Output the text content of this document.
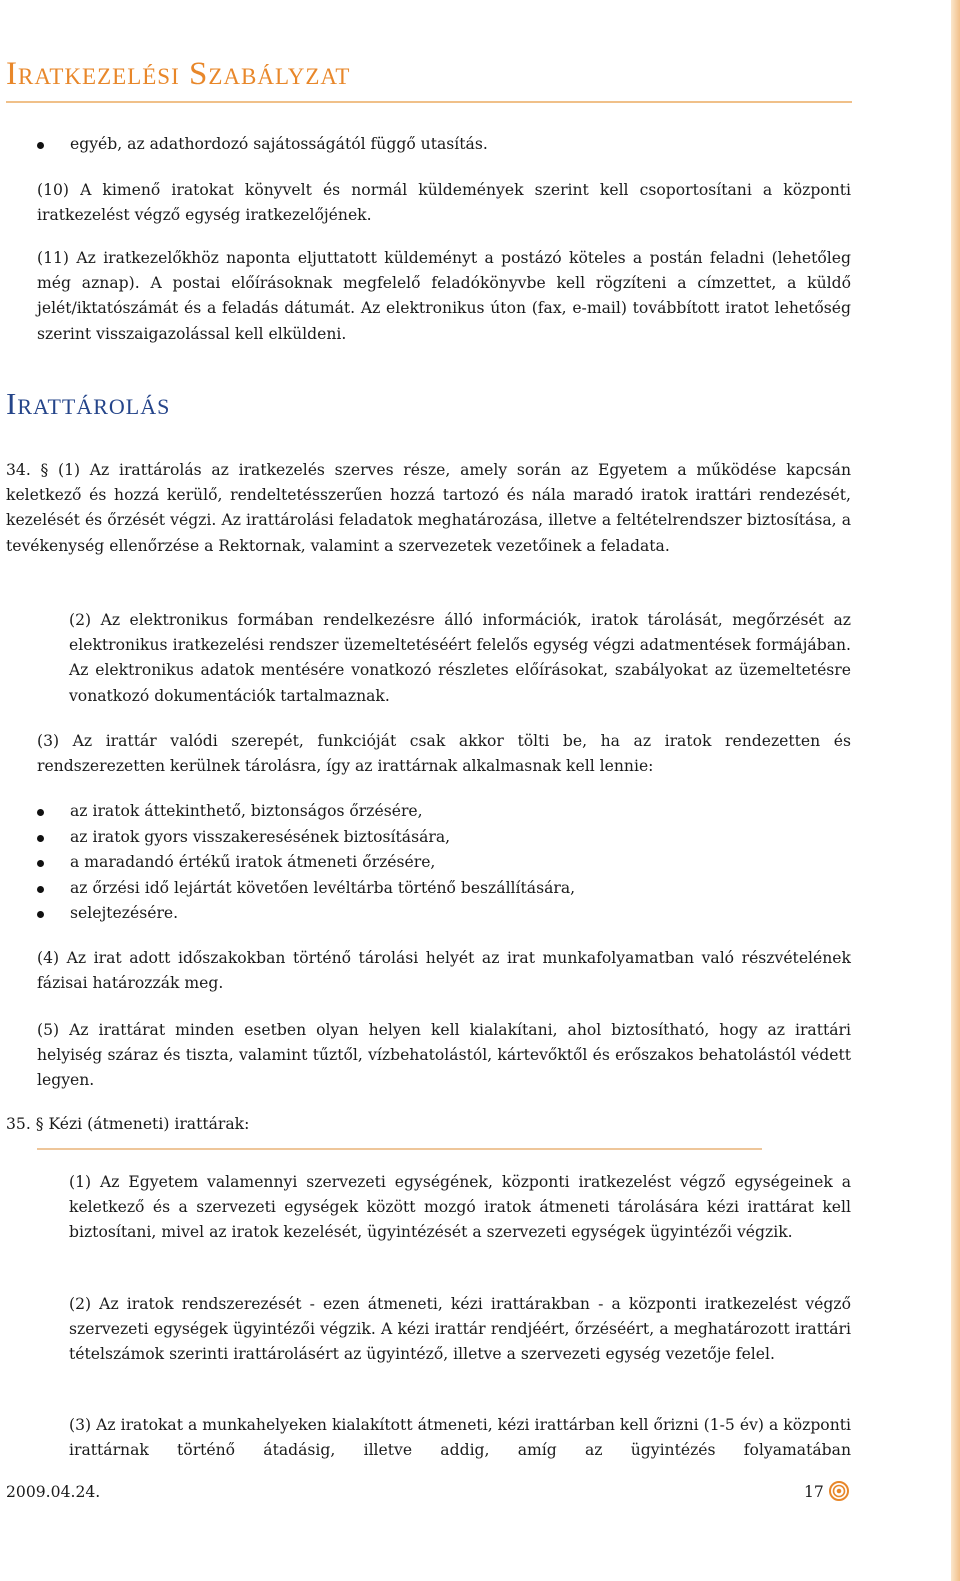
Iratkezelési Szabályzat
egyéb, az adathordozó sajátosságától függő utasítás.

(10) A kimenő iratokat könyvelt és normál küldemények szerint kell csoportosítani a központi iratkezelést végző egység iratkezelőjének.

(11) Az iratkezelőkhöz naponta eljuttatott küldeményt a postázó köteles a postán feladni (lehetőleg még aznap). A postai előírásoknak megfelelő feladókönyvbe kell rögzíteni a címzettet, a küldő jelét/iktatószámát és a feladás dátumát. Az elektronikus úton (fax, e-mail) továbbított iratot lehetőség szerint visszaigazolással kell elküldeni.

Irattárolás

34. § (1) Az irattárolás az iratkezelés szerves része, amely során az Egyetem a működése kapcsán keletkező és hozzá kerülő, rendeltetésszerűen hozzá tartozó és nála maradó iratok irattári rendezését, kezelését és őrzését végzi. Az irattárolási feladatok meghatározása, illetve a feltételrendszer biztosítása, a tevékenység ellenőrzése a Rektornak, valamint a szervezetek vezetőinek a feladata.

(2) Az elektronikus formában rendelkezésre álló információk, iratok tárolását, megőrzését az elektronikus iratkezelési rendszer üzemeltetéséért felelős egység végzi adatmentések formájában. Az elektronikus adatok mentésére vonatkozó részletes előírásokat, szabályokat az üzemeltetésre vonatkozó dokumentációk tartalmaznak.

(3) Az irattár valódi szerepét, funkcióját csak akkor tölti be, ha az iratok rendezetten és rendszerezetten kerülnek tárolásra, így az irattárnak alkalmasnak kell lennie:

az iratok áttekinthető, biztonságos őrzésére,
az iratok gyors visszakeresésének biztosítására,
a maradandó értékű iratok átmeneti őrzésére,
az őrzési idő lejártát követően levéltárba történő beszállítására,
selejtezésére.

(4) Az irat adott időszakokban történő tárolási helyét az irat munkafolyamatban való részvételének fázisai határozzák meg.

(5) Az irattárat minden esetben olyan helyen kell kialakítani, ahol biztosítható, hogy az irattári helyiség száraz és tiszta, valamint tűztől, vízbehatolástól, kártevőktől és erőszakos behatolástól védett legyen.

35. § Kézi (átmeneti) irattárak:

(1) Az Egyetem valamennyi szervezeti egységének, központi iratkezelést végző egységeinek a keletkező és a szervezeti egységek között mozgó iratok átmeneti tárolására kézi irattárat kell biztosítani, mivel az iratok kezelését, ügyintézését a szervezeti egységek ügyintézői végzik.

(2) Az iratok rendszerezését - ezen átmeneti, kézi irattárakban - a központi iratkezelést végző szervezeti egységek ügyintézői végzik. A kézi irattár rendjéért, őrzéséért, a meghatározott irattári tételszámok szerinti irattárolásért az ügyintéző, illetve a szervezeti egység vezetője felel.

(3) Az iratokat a munkahelyeken kialakított átmeneti, kézi irattárban kell őrizni (1-5 év) a központi irattárnak történő átadásig, illetve addig, amíg az ügyintézés folyamatában

2009.04.24.	17
